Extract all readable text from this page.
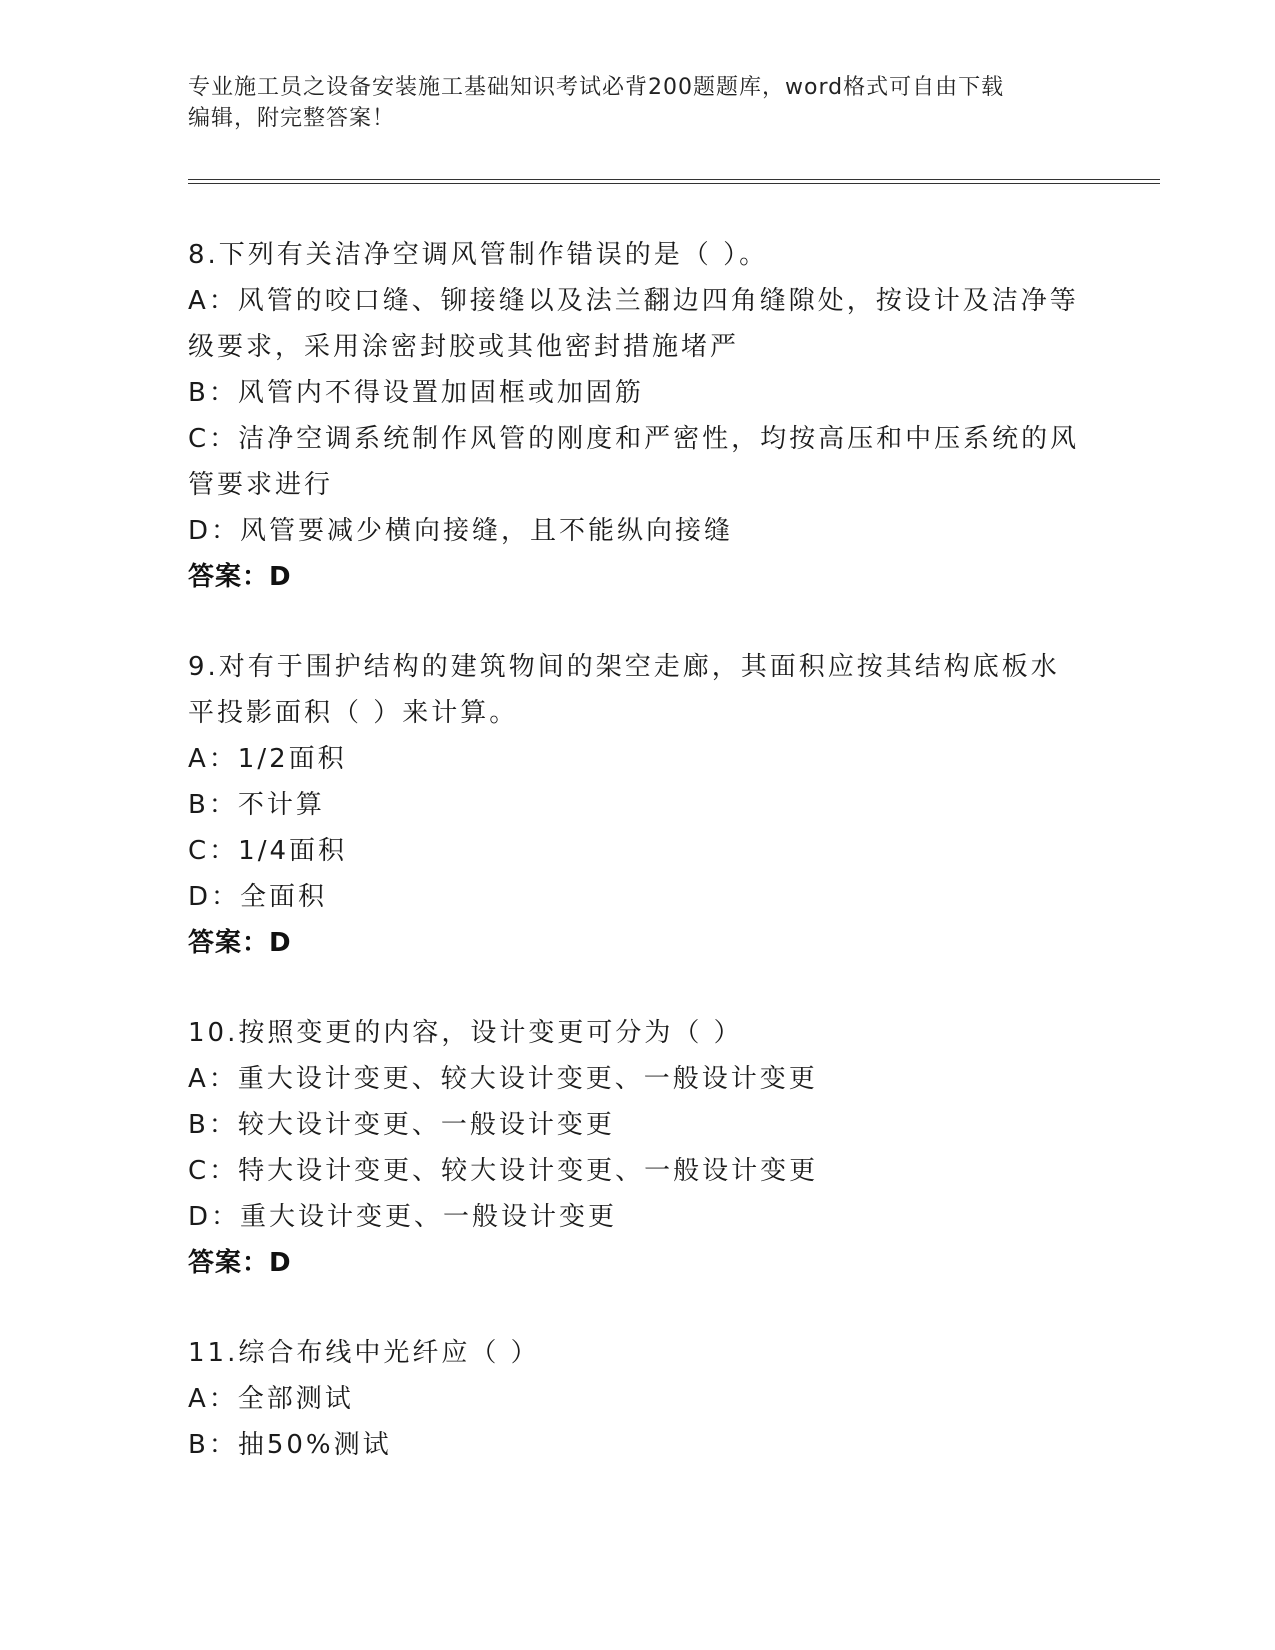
专业施工员之设备安装施工基础知识考试必背200题题库，word格式可自由下载
编辑，附完整答案！
8.下列有关洁净空调风管制作错误的是（ ）。
A：风管的咬口缝、铆接缝以及法兰翻边四角缝隙处，按设计及洁净等
级要求，采用涂密封胶或其他密封措施堵严
B：风管内不得设置加固框或加固筋
C：洁净空调系统制作风管的刚度和严密性，均按高压和中压系统的风
管要求进行
D：风管要减少横向接缝，且不能纵向接缝
答案：D
9.对有于围护结构的建筑物间的架空走廊，其面积应按其结构底板水
平投影面积（ ）来计算。
A：1/2面积
B：不计算
C：1/4面积
D：全面积
答案：D
10.按照变更的内容，设计变更可分为（ ）
A：重大设计变更、较大设计变更、一般设计变更
B：较大设计变更、一般设计变更
C：特大设计变更、较大设计变更、一般设计变更
D：重大设计变更、一般设计变更
答案：D
11.综合布线中光纤应（ ）
A：全部测试
B：抽50%测试
